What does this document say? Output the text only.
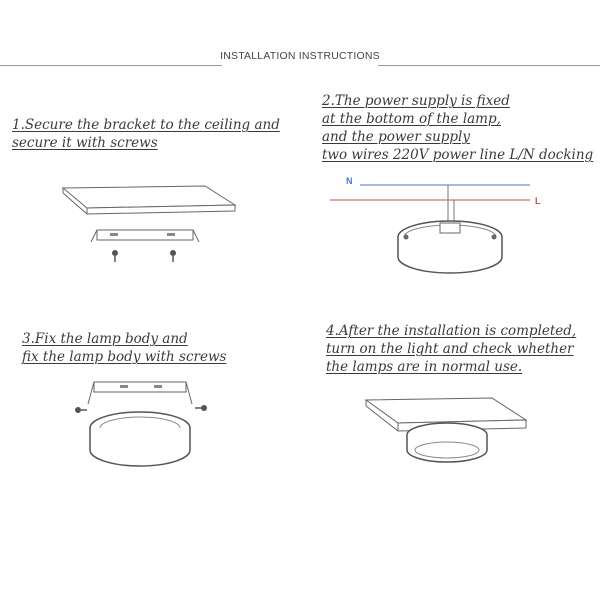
INSTALLATION INSTRUCTIONS
1.Secure the bracket to the ceiling and
secure it with screws
2.The power supply is fixed
at the bottom of the lamp,
and the power supply
two wires 220V power line L/N docking
N
L
3.Fix the lamp body and
fix the lamp body with screws
4.After the installation is completed,
turn on the light and check whether
the lamps are in normal use.
